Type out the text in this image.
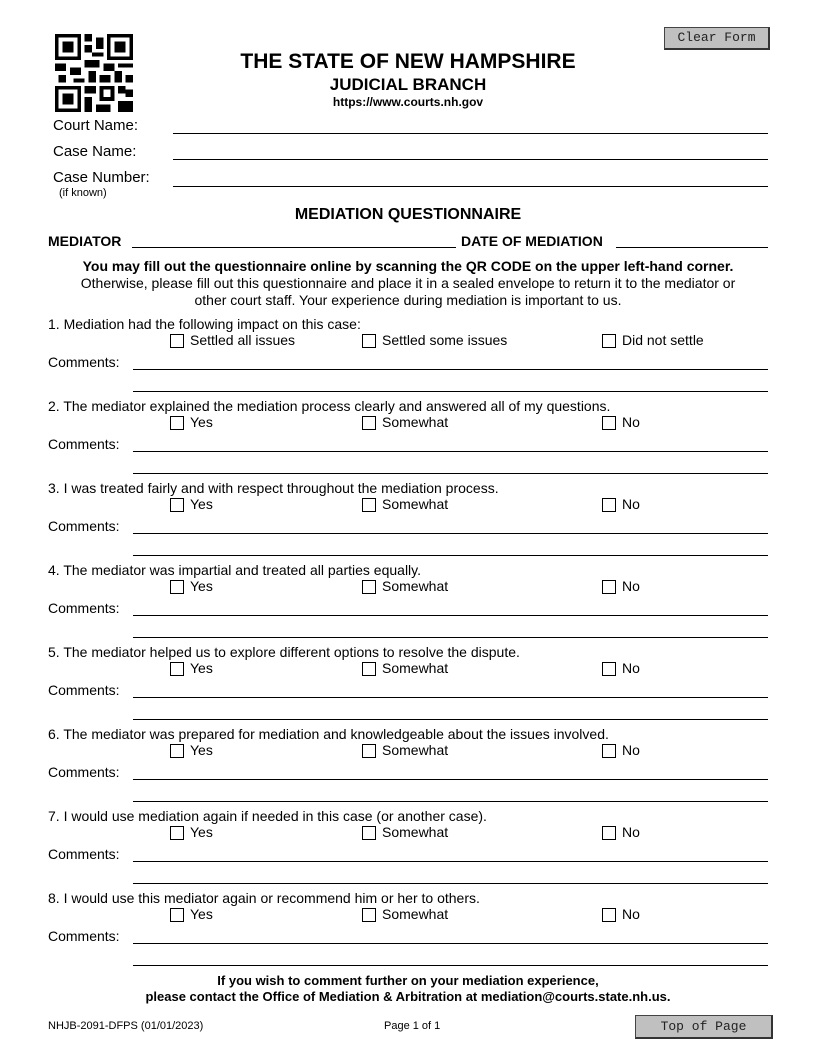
Clear Form
THE STATE OF NEW HAMPSHIRE
JUDICIAL BRANCH
https://www.courts.nh.gov
Court Name:
Case Name:
Case Number:
(if known)
MEDIATION QUESTIONNAIRE
MEDIATOR	DATE OF MEDIATION
You may fill out the questionnaire online by scanning the QR CODE on the upper left-hand corner.
Otherwise, please fill out this questionnaire and place it in a sealed envelope to return it to the mediator or
other court staff. Your experience during mediation is important to us.
1. Mediation had the following impact on this case:
Settled all issues	Settled some issues	Did not settle
Comments:
2. The mediator explained the mediation process clearly and answered all of my questions.
Yes	Somewhat	No
Comments:
3. I was treated fairly and with respect throughout the mediation process.
Yes	Somewhat	No
Comments:
4. The mediator was impartial and treated all parties equally.
Yes	Somewhat	No
Comments:
5. The mediator helped us to explore different options to resolve the dispute.
Yes	Somewhat	No
Comments:
6. The mediator was prepared for mediation and knowledgeable about the issues involved.
Yes	Somewhat	No
Comments:
7. I would use mediation again if needed in this case (or another case).
Yes	Somewhat	No
Comments:
8. I would use this mediator again or recommend him or her to others.
Yes	Somewhat	No
Comments:
If you wish to comment further on your mediation experience,
please contact the Office of Mediation & Arbitration at mediation@courts.state.nh.us.
NHJB-2091-DFPS (01/01/2023)	Page 1 of 1	Top of Page
